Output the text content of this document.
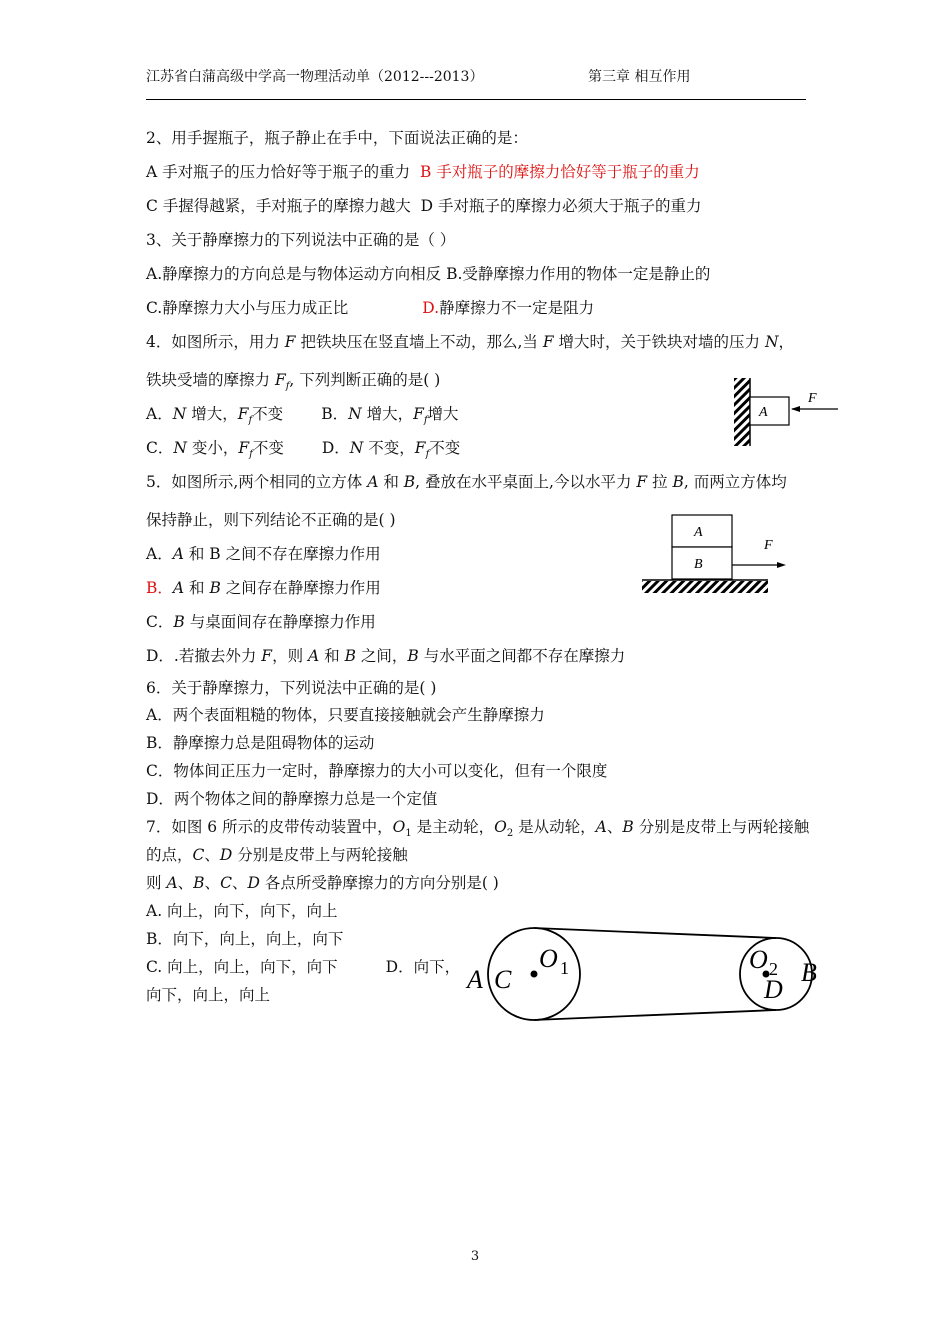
江苏省白蒲高级中学高一物理活动单（2012---2013）	第三章 相互作用
2、用手握瓶子，瓶子静止在手中，下面说法正确的是：
A 手对瓶子的压力恰好等于瓶子的重力 B 手对瓶子的摩擦力恰好等于瓶子的重力
C 手握得越紧，手对瓶子的摩擦力越大 D 手对瓶子的摩擦力必须大于瓶子的重力
3、关于静摩擦力的下列说法中正确的是（ ）
A.静摩擦力的方向总是与物体运动方向相反 B.受静摩擦力作用的物体一定是静止的
C.静摩擦力大小与压力成正比	D.静摩擦力不一定是阻力
4．如图所示，用力 F 把铁块压在竖直墙上不动，那么,当 F 增大时，关于铁块对墙的压力 N，
铁块受墙的摩擦力 $F_f$, 下列判断正确的是( )
A．N 增大，$F_f$不变 B．N 增大，$F_f$增大
C．N 变小，$F_f$不变 D．N 不变，$F_f$不变
A
F
5．如图所示,两个相同的立方体 A 和 B, 叠放在水平桌面上,今以水平力 F 拉 B, 而两立方体均
保持静止，则下列结论不正确的是( )
A．A 和 B 之间不存在摩擦力作用
B．A 和 B 之间存在静摩擦力作用
C．B 与桌面间存在静摩擦力作用
D．.若撤去外力 F，则 A 和 B 之间，B 与水平面之间都不存在摩擦力
A
B
F
6．关于静摩擦力，下列说法中正确的是( )
A．两个表面粗糙的物体，只要直接接触就会产生静摩擦力
B．静摩擦力总是阻碍物体的运动
C．物体间正压力一定时，静摩擦力的大小可以变化，但有一个限度
D．两个物体之间的静摩擦力总是一个定值
7．如图 6 所示的皮带传动装置中，$O_1$ 是主动轮，$O_2$ 是从动轮，A、B 分别是皮带上与两轮接触
的点，C、D 分别是皮带上与两轮接触
则 A、B、C、D 各点所受静摩擦力的方向分别是( )
A. 向上，向下，向下，向上
B．向下，向上，向上，向下
C. 向上，向上，向下，向下	D．向下，
向下，向上，向上
A C
O 1	O 2
D
B
3
